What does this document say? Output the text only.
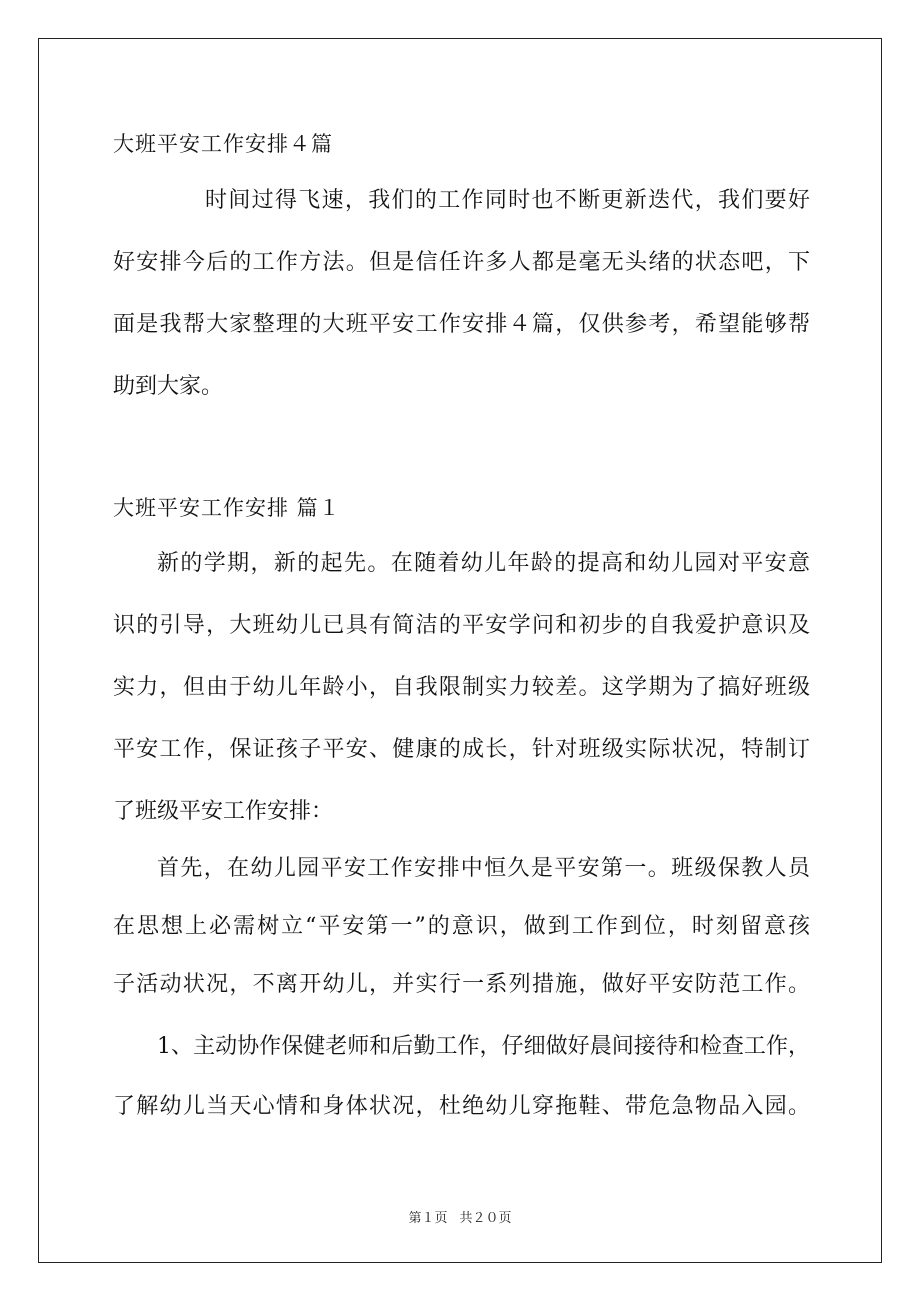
大班平安工作安排４篇
时间过得飞速，我们的工作同时也不断更新迭代，我们要好
好安排今后的工作方法。但是信任许多人都是毫无头绪的状态吧，下
面是我帮大家整理的大班平安工作安排４篇，仅供参考，希望能够帮
助到大家。
大班平安工作安排 篇１
新的学期，新的起先。在随着幼儿年龄的提高和幼儿园对平安意
识的引导，大班幼儿已具有简洁的平安学问和初步的自我爱护意识及
实力，但由于幼儿年龄小，自我限制实力较差。这学期为了搞好班级
平安工作，保证孩子平安、健康的成长，针对班级实际状况，特制订
了班级平安工作安排：
首先，在幼儿园平安工作安排中恒久是平安第一。班级保教人员
在思想上必需树立“平安第一”的意识，做到工作到位，时刻留意孩
子活动状况，不离开幼儿，并实行一系列措施，做好平安防范工作。
1、主动协作保健老师和后勤工作，仔细做好晨间接待和检查工作，
了解幼儿当天心情和身体状况，杜绝幼儿穿拖鞋、带危急物品入园。
第１页 共２０页
